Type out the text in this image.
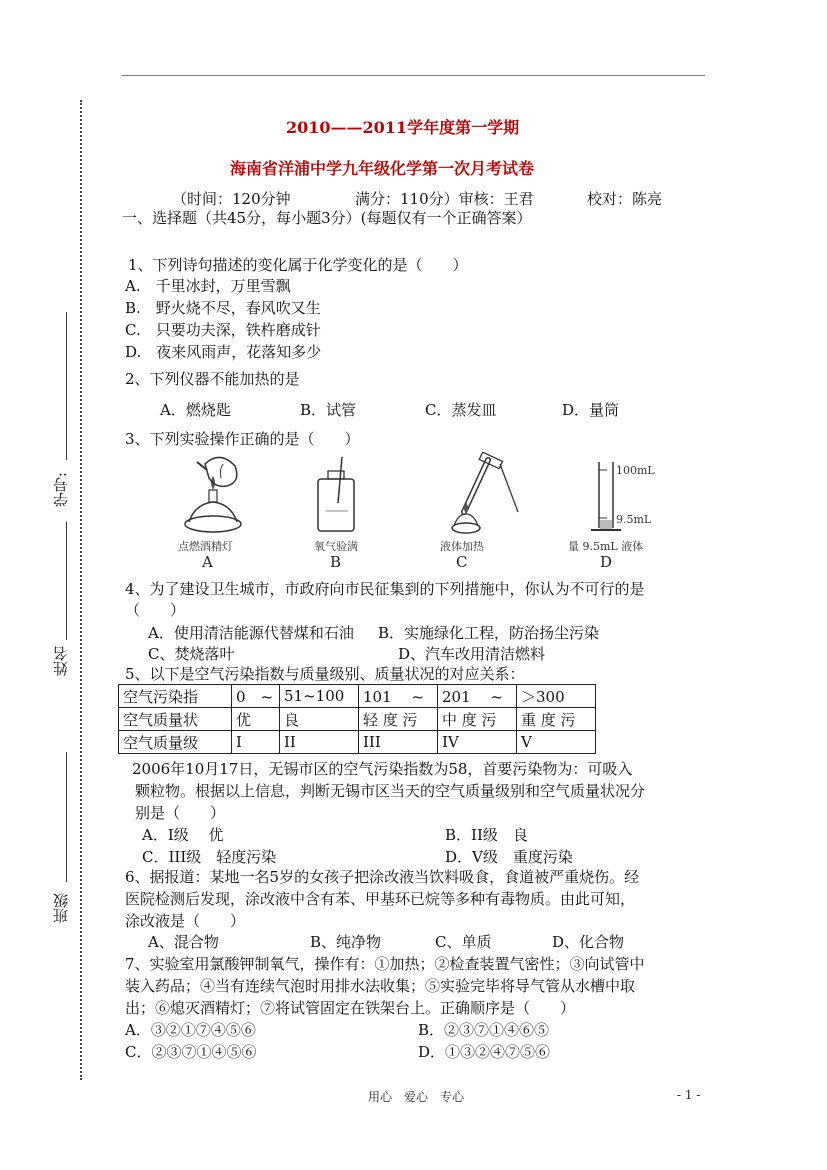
学号:
姓名
班级
2010——2011学年度第一学期
海南省洋浦中学九年级化学第一次月考试卷
（时间：120分钟	满分：110分）审核：王君	校对：陈亮
一、选择题（共45分，每小题3分）(每题仅有一个正确答案）
1、下列诗句描述的变化属于化学变化的是（　　）
A.　千里冰封，万里雪飘
B.　野火烧不尽，春风吹又生
C.　只要功夫深，铁杵磨成针
D.　夜来风雨声，花落知多少
2、下列仪器不能加热的是
A．燃烧匙	B．试管	C．蒸发皿	D．量筒
3、下列实验操作正确的是（　　）
点燃酒精灯
A
氧气验满
B
液体加热
C
100mL
9.5mL
量 9.5mL 液体
D
4、为了建设卫生城市，市政府向市民征集到的下列措施中，你认为不可行的是
（　　）
A．使用清洁能源代替煤和石油 B．实施绿化工程，防治扬尘污染
C、焚烧落叶	D、汽车改用清洁燃料
5、以下是空气污染指数与质量级别、质量状况的对应关系：
空气污染指	0　~	51~100	101　 ~	201　 ~	＞300
空气质量状	优	良	轻 度 污	中 度 污	重 度 污
空气质量级	I	II	III	IV	V
2006年10月17日，无锡市区的空气污染指数为58，首要污染物为：可吸入
颗粒物。根据以上信息，判断无锡市区当天的空气质量级别和空气质量状况分
别是（　　）
A．I级　 优	B．II级　良
C．III级　轻度污染	D．V级　重度污染
6、据报道：某地一名5岁的女孩子把涂改液当饮料吸食，食道被严重烧伤。经
医院检测后发现，涂改液中含有苯、甲基环已烷等多种有毒物质。由此可知，
涂改液是（　　）
A、混合物	B、纯净物	C、单质	D、化合物
7、实验室用氯酸钾制氧气，操作有：①加热；②检查装置气密性；③向试管中
装入药品；④当有连续气泡时用排水法收集；⑤实验完毕将导气管从水槽中取
出；⑥熄灭酒精灯；⑦将试管固定在铁架台上。正确顺序是（　　）
A．③②①⑦④⑤⑥	B．②③⑦①④⑥⑤
C．②③⑦①④⑤⑥	D．①③②④⑦⑤⑥
用心　爱心　专心	- 1 -
